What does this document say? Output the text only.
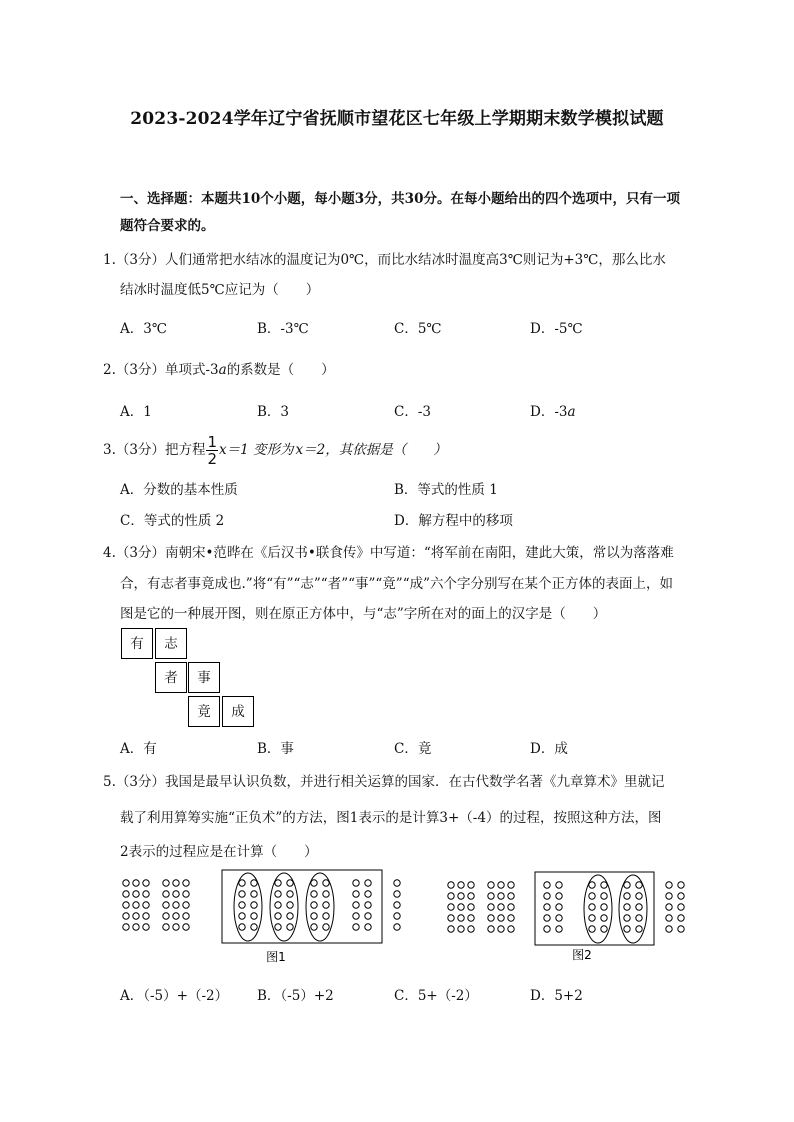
2023-2024学年辽宁省抚顺市望花区七年级上学期期末数学模拟试题
一、选择题：本题共10个小题，每小题3分，共30分。在每小题给出的四个选项中，只有一项
题符合要求的。
1.（3分）人们通常把水结冰的温度记为0℃，而比水结冰时温度高3℃则记为+3℃，那么比水
结冰时温度低5℃应记为（　　）
A．3℃	B．-3℃	C．5℃	D．-5℃
2.（3分）单项式-3a的系数是（　　）
A．1	B．3	C．-3	D．-3a
3.（3分）把方程 $\frac{1}{2} x=1$ 变形为 x＝2，其依据是（　　）
A．分数的基本性质	B．等式的性质 1
C．等式的性质 2	D．解方程中的移项
4.（3分）南朝宋•范晔在《后汉书•联食传》中写道：“将军前在南阳，建此大策，常以为落落难
合，有志者事竟成也.”将“有”“志”“者”“事”“竟”“成”六个字分别写在某个正方体的表面上，如
图是它的一种展开图，则在原正方体中，与“志”字所在对的面上的汉字是（　　）
有	志
者	事
竟	成
A．有	B．事	C．竟	D．成
5.（3分）我国是最早认识负数，并进行相关运算的国家．在古代数学名著《九章算术》里就记
载了利用算筹实施“正负术”的方法，图1表示的是计算3+（-4）的过程，按照这种方法，图
2表示的过程应是在计算（　　）
图1	图2
A．（-5）+（-2） B．（-5）+2	C．5+（-2）	D．5+2
